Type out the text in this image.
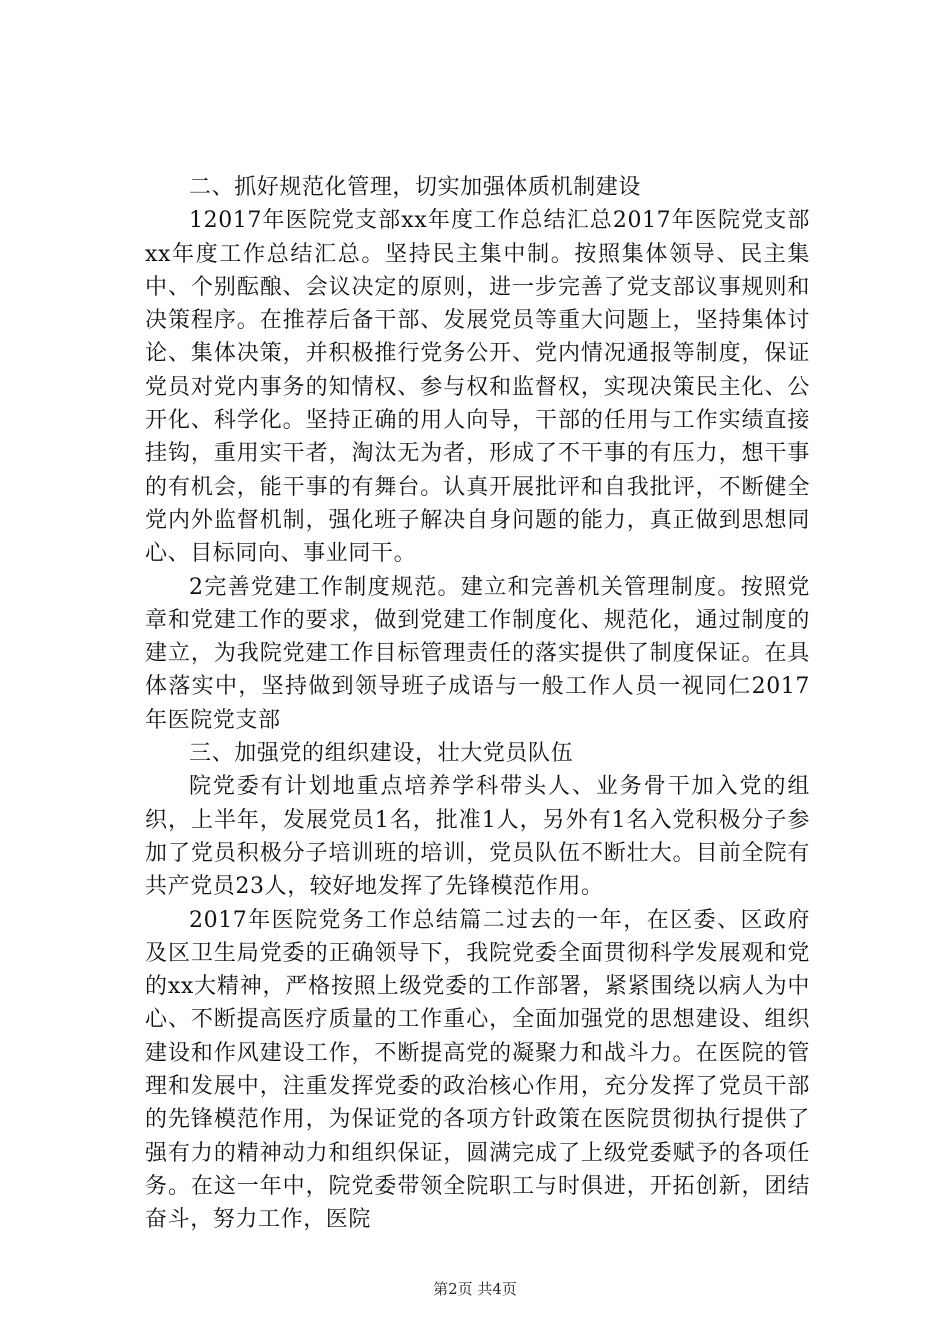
二、抓好规范化管理，切实加强体质机制建设

12017年医院党支部xx年度工作总结汇总2017年医院党支部xx年度工作总结汇总。坚持民主集中制。按照集体领导、民主集中、个别酝酿、会议决定的原则，进一步完善了党支部议事规则和决策程序。在推荐后备干部、发展党员等重大问题上，坚持集体讨论、集体决策，并积极推行党务公开、党内情况通报等制度，保证党员对党内事务的知情权、参与权和监督权，实现决策民主化、公开化、科学化。坚持正确的用人向导，干部的任用与工作实绩直接挂钩，重用实干者，淘汰无为者，形成了不干事的有压力，想干事的有机会，能干事的有舞台。认真开展批评和自我批评，不断健全党内外监督机制，强化班子解决自身问题的能力，真正做到思想同心、目标同向、事业同干。

2完善党建工作制度规范。建立和完善机关管理制度。按照党章和党建工作的要求，做到党建工作制度化、规范化，通过制度的建立，为我院党建工作目标管理责任的落实提供了制度保证。在具体落实中，坚持做到领导班子成语与一般工作人员一视同仁2017年医院党支部

三、加强党的组织建设，壮大党员队伍

院党委有计划地重点培养学科带头人、业务骨干加入党的组织，上半年，发展党员1名，批准1人，另外有1名入党积极分子参加了党员积极分子培训班的培训，党员队伍不断壮大。目前全院有共产党员23人，较好地发挥了先锋模范作用。

2017年医院党务工作总结篇二过去的一年，在区委、区政府及区卫生局党委的正确领导下，我院党委全面贯彻科学发展观和党的xx大精神，严格按照上级党委的工作部署，紧紧围绕以病人为中心、不断提高医疗质量的工作重心，全面加强党的思想建设、组织建设和作风建设工作，不断提高党的凝聚力和战斗力。在医院的管理和发展中，注重发挥党委的政治核心作用，充分发挥了党员干部的先锋模范作用，为保证党的各项方针政策在医院贯彻执行提供了强有力的精神动力和组织保证，圆满完成了上级党委赋予的各项任务。在这一年中，院党委带领全院职工与时俱进，开拓创新，团结奋斗，努力工作，医院

第2页 共4页
